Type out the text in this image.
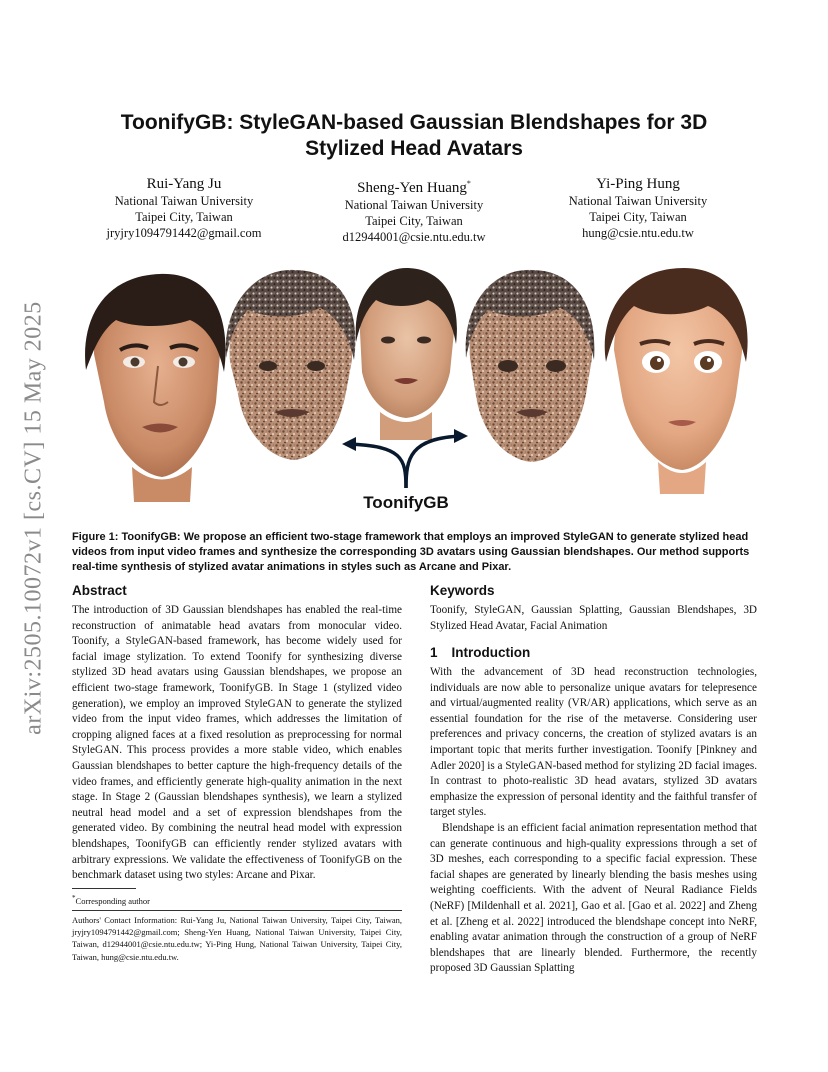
arXiv:2505.10072v1 [cs.CV] 15 May 2025
ToonifyGB: StyleGAN-based Gaussian Blendshapes for 3D
Stylized Head Avatars
Rui-Yang Ju
National Taiwan University
Taipei City, Taiwan
jryjry1094791442@gmail.com
Sheng-Yen Huang*
National Taiwan University
Taipei City, Taiwan
d12944001@csie.ntu.edu.tw
Yi-Ping Hung
National Taiwan University
Taipei City, Taiwan
hung@csie.ntu.edu.tw
ToonifyGB
Figure 1: ToonifyGB: We propose an efficient two-stage framework that employs an improved StyleGAN to generate stylized head videos from input video frames and synthesize the corresponding 3D avatars using Gaussian blendshapes. Our method supports real-time synthesis of stylized avatar animations in styles such as Arcane and Pixar.
Abstract

The introduction of 3D Gaussian blendshapes has enabled the real-time reconstruction of animatable head avatars from monocular video. Toonify, a StyleGAN-based framework, has become widely used for facial image stylization. To extend Toonify for synthesizing diverse stylized 3D head avatars using Gaussian blendshapes, we propose an efficient two-stage framework, ToonifyGB. In Stage 1 (stylized video generation), we employ an improved StyleGAN to generate the stylized video from the input video frames, which addresses the limitation of cropping aligned faces at a fixed resolution as preprocessing for normal StyleGAN. This process provides a more stable video, which enables Gaussian blendshapes to better capture the high-frequency details of the video frames, and efficiently generate high-quality animation in the next stage. In Stage 2 (Gaussian blendshapes synthesis), we learn a stylized neutral head model and a set of expression blendshapes from the generated video. By combining the neutral head model with expression blendshapes, ToonifyGB can efficiently render stylized avatars with arbitrary expressions. We validate the effectiveness of ToonifyGB on the benchmark dataset using two styles: Arcane and Pixar.

*Corresponding author
Authors' Contact Information: Rui-Yang Ju, National Taiwan University, Taipei City, Taiwan, jryjry1094791442@gmail.com; Sheng-Yen Huang, National Taiwan University, Taipei City, Taiwan, d12944001@csie.ntu.edu.tw; Yi-Ping Hung, National Taiwan University, Taipei City, Taiwan, hung@csie.ntu.edu.tw.
Keywords

Toonify, StyleGAN, Gaussian Splatting, Gaussian Blendshapes, 3D Stylized Head Avatar, Facial Animation

1 Introduction

With the advancement of 3D head reconstruction technologies, individuals are now able to personalize unique avatars for telepresence and virtual/augmented reality (VR/AR) applications, which serve as an essential foundation for the rise of the metaverse. Considering user preferences and privacy concerns, the creation of stylized avatars is an important topic that merits further investigation. Toonify [Pinkney and Adler 2020] is a StyleGAN-based method for stylizing 2D facial images. In contrast to photo-realistic 3D head avatars, stylized 3D avatars emphasize the expression of personal identity and the faithful transfer of target styles.

Blendshape is an efficient facial animation representation method that can generate continuous and high-quality expressions through a set of 3D meshes, each corresponding to a specific facial expression. These facial shapes are generated by linearly blending the basis meshes using weighting coefficients. With the advent of Neural Radiance Fields (NeRF) [Mildenhall et al. 2021], Gao et al. [Gao et al. 2022] and Zheng et al. [Zheng et al. 2022] introduced the blendshape concept into NeRF, enabling avatar animation through the construction of a group of NeRF blendshapes that are linearly blended. Furthermore, the recently proposed 3D Gaussian Splatting
